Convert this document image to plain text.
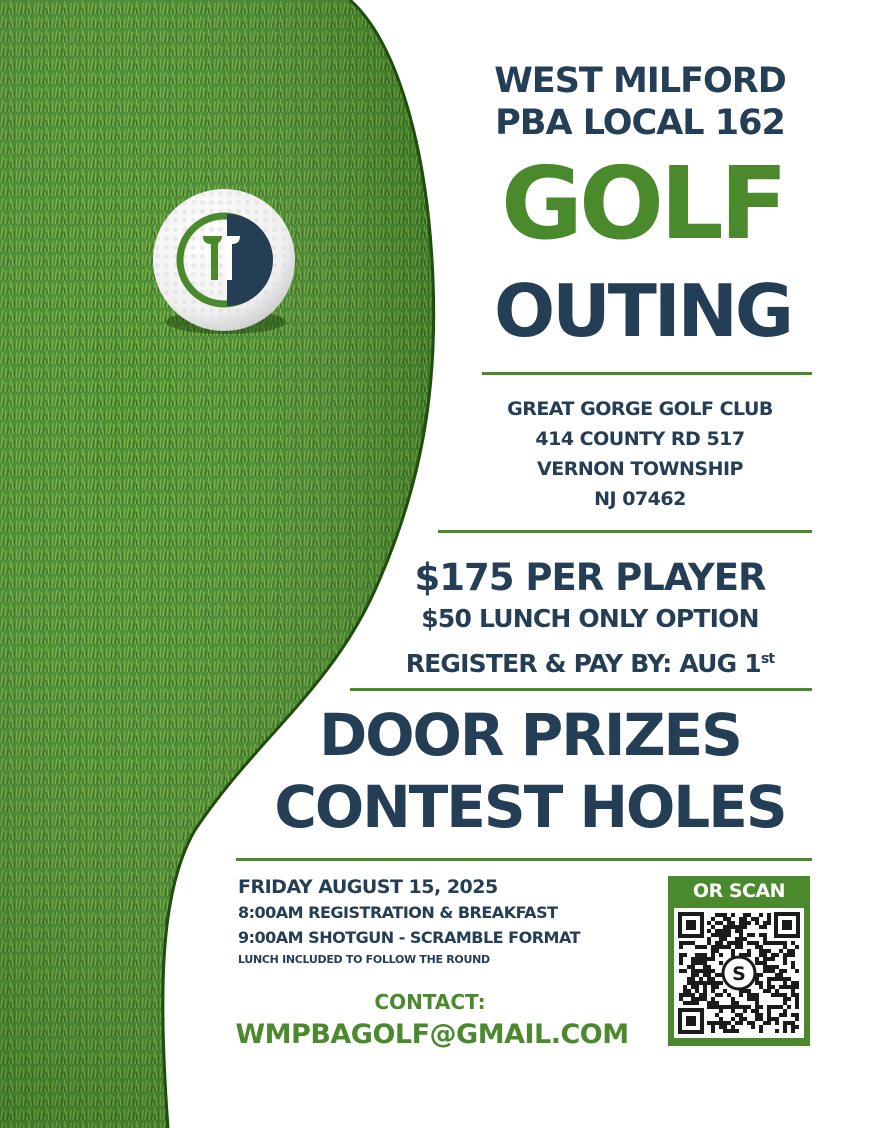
WEST MILFORD
PBA LOCAL 162
GOLF
OUTING
GREAT GORGE GOLF CLUB
414 COUNTY RD 517
VERNON TOWNSHIP
NJ 07462
$175 PER PLAYER
$50 LUNCH ONLY OPTION
REGISTER & PAY BY: AUG 1st
DOOR PRIZES
CONTEST HOLES
FRIDAY AUGUST 15, 2025
8:00AM REGISTRATION & BREAKFAST
9:00AM SHOTGUN - SCRAMBLE FORMAT
LUNCH INCLUDED TO FOLLOW THE ROUND
CONTACT:
WMPBAGOLF@GMAIL.COM
OR SCAN
S
